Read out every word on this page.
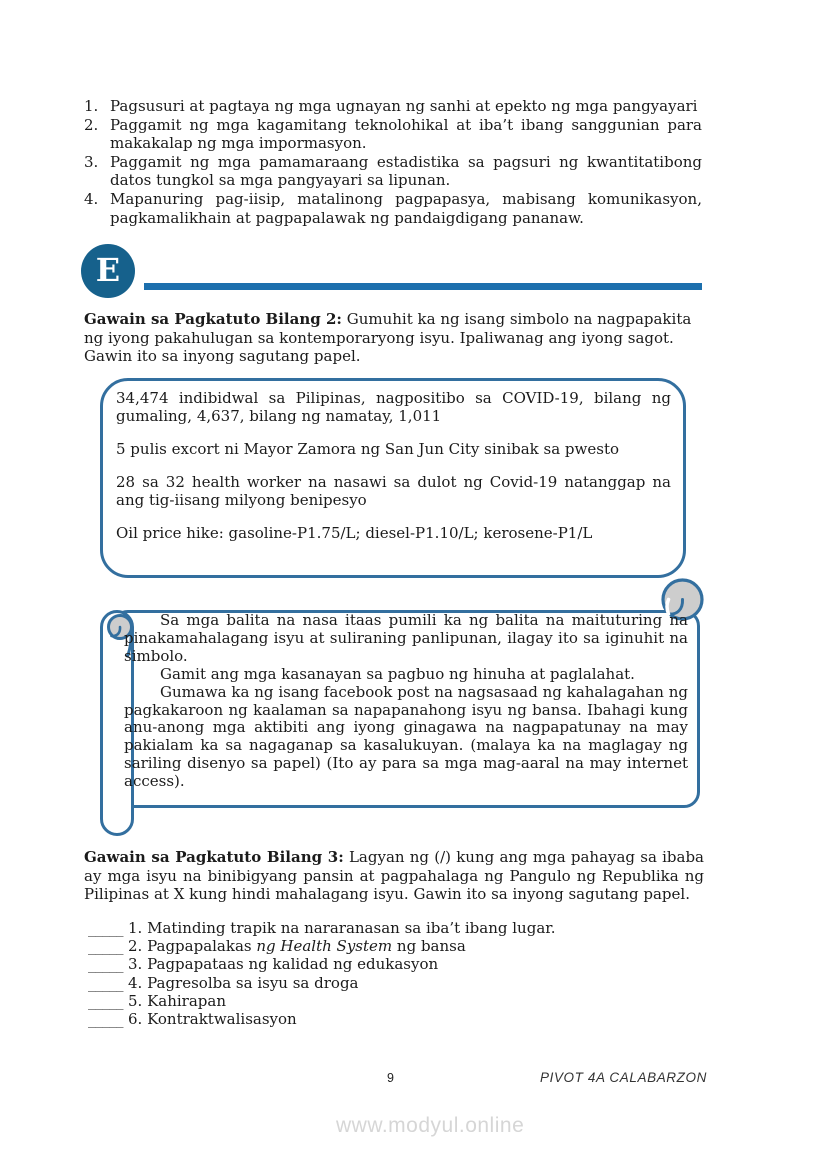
1. Pagsusuri at pagtaya ng mga ugnayan ng sanhi at epekto ng mga pangyayari
2. Paggamit ng mga kagamitang teknolohikal at iba’t ibang sanggunian para makakalap ng mga impormasyon.
3. Paggamit ng mga pamamaraang estadistika sa pagsuri ng kwantitatibong datos tungkol sa mga pangyayari sa lipunan.
4. Mapanuring pag-iisip, matalinong pagpapasya, mabisang komunikasyon, pagkamalikhain at pagpapalawak ng pandaigdigang pananaw.
E
Gawain sa Pagkatuto Bilang 2: Gumuhit ka ng isang simbolo na nagpapakita ng iyong pakahulugan sa kontemporaryong isyu. Ipaliwanag ang iyong sagot. Gawin ito sa inyong sagutang papel.

34,474 indibidwal sa Pilipinas, nagpositibo sa COVID-19, bilang ng gumaling, 4,637, bilang ng namatay, 1,011

5 pulis excort ni Mayor Zamora ng San Jun City sinibak sa pwesto

28 sa 32 health worker na nasawi sa dulot ng Covid-19 natanggap na ang tig-iisang milyong benipesyo

Oil price hike: gasoline-P1.75/L; diesel-P1.10/L; kerosene-P1/L

Sa mga balita na nasa itaas pumili ka ng balita na maituturing na pinakamahalagang isyu at suliraning panlipunan, ilagay ito sa iginuhit na simbolo.

Gamit ang mga kasanayan sa pagbuo ng hinuha at paglalahat.

Gumawa ka ng isang facebook post na nagsasaad ng kahalagahan ng pagkakaroon ng kaalaman sa napapanahong isyu ng bansa. Ibahagi kung anu-anong mga aktibiti ang iyong ginagawa na nagpapatunay na may pakialam ka sa nagaganap sa kasalukuyan. (malaya ka na maglagay ng sariling disenyo sa papel) (Ito ay para sa mga mag-aaral na may internet access).

Gawain sa Pagkatuto Bilang 3: Lagyan ng (/) kung ang mga pahayag sa ibaba ay mga isyu na binibigyang pansin at pagpahalaga ng Pangulo ng Republika ng Pilipinas at X kung hindi mahalagang isyu. Gawin ito sa inyong sagutang papel.
_____ 1. Matinding trapik na nararanasan sa iba’t ibang lugar.
_____ 2. Pagpapalakas ng Health System ng bansa
_____ 3. Pagpapataas ng kalidad ng edukasyon
_____ 4. Pagresolba sa isyu sa droga
_____ 5. Kahirapan
_____ 6. Kontraktwalisasyon
9	PIVOT 4A CALABARZON
www.modyul.online
